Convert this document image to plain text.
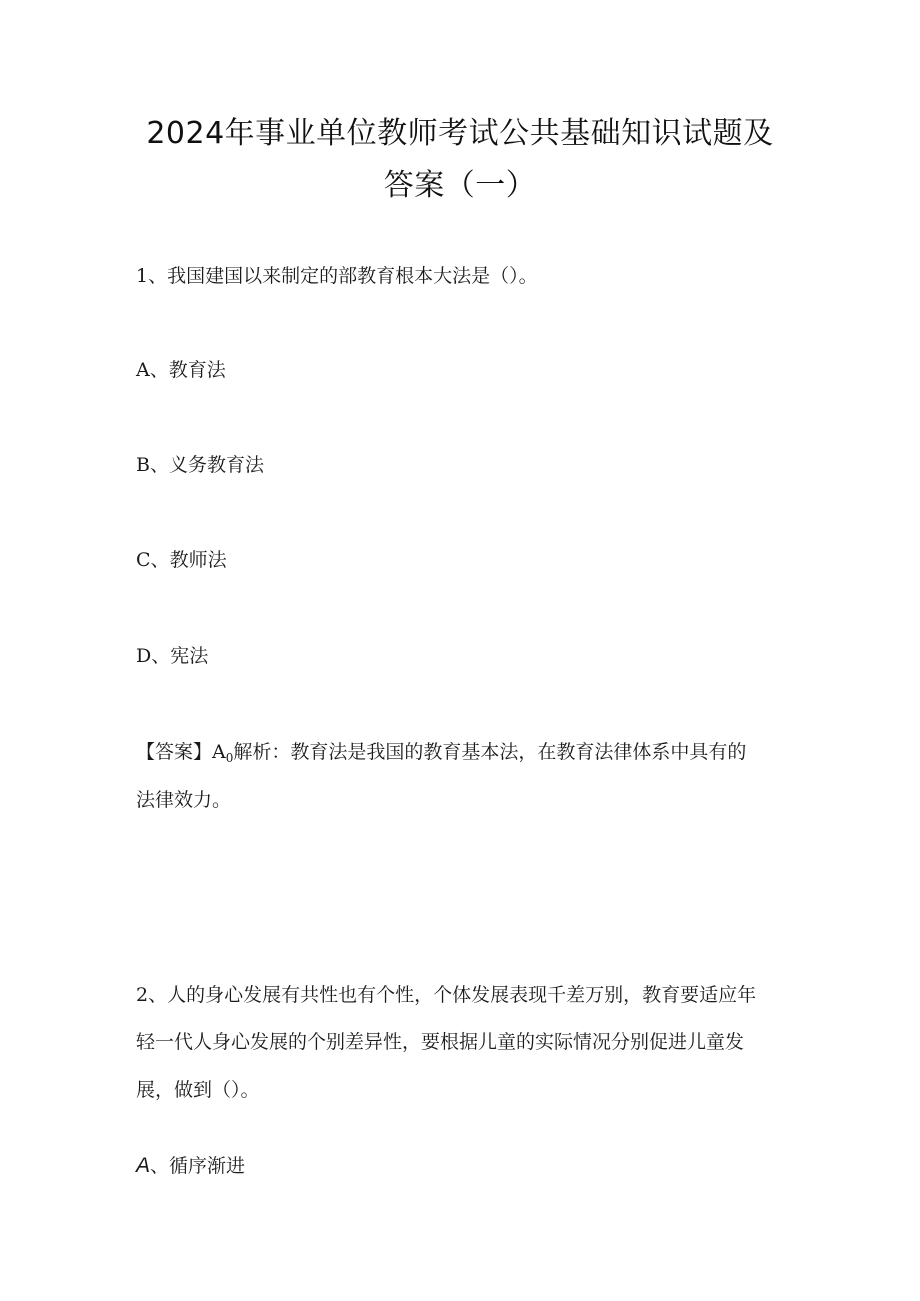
2024年事业单位教师考试公共基础知识试题及
答案（一）
1、我国建国以来制定的部教育根本大法是（）。
A、教育法
B、义务教育法
C、教师法
D、宪法
【答案】$A_0$解析：教育法是我国的教育基本法，在教育法律体系中具有的
法律效力。
2、人的身心发展有共性也有个性，个体发展表现千差万别，教育要适应年
轻一代人身心发展的个别差异性，要根据儿童的实际情况分别促进儿童发
展，做到（）。
A、循序渐进
